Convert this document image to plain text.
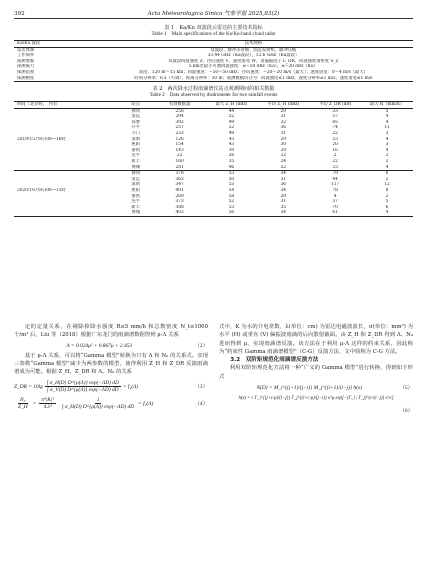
392	Acta Meteorologica Sinica 气象学报 2025,83(2)
表 1　Ka/Ku 双波段云雷达的主要技术指标
Table 1　Main specifications of the Ka/Ku-band cloud radar
Ka/Ku 波段	技术规格
雷达体制	双波段、脉冲多普勒、固态发射机、脉冲压缩
工作频率	33.44 GHz（Ka波段），13.6 GHz（Ku波段）
探测要素	双波段回波强度 Z、径向速度 V、速度谱宽 W，退偏振因子 L_DR，回波强度谱密度 S_Z
探测威力	5 km处最小可测回波强度：≤−50 dBz（Ka），≤−20 dBz（Ku）
探测范围	高度：120 m～15 km；回波强度：−50～50 dBz；径向速度：−20～20 m/s（最大）；速度谱宽：0～4 m/s（最大）
探测精度	时间分辨率：6 s（可调），距离分辨率：30 m；观测数据均分为：回波强度≤1 dBz，速度分辨率≤1 m/s，速度谱宽≤1 m/s
表 2　两次降水过程雨滴谱仪站点观测期间的相关数据
Table 2　Data observed by disdrometer for two rainfall events
时间（北京时，下同）	站点	有效数据量	最大 Z_H (dBz)	平均 Z_H (dBz)	平均 Z_DR (dB)	最大 R（mm/h）
	佛冈	256	44	29	33	5
	清远	294	52	31	57	4
	高要	392	49	32	85	4
	开平	257	52	36	74	11
	斗门	233	49	31	22	3
2019年5月8日08—16时	深圳	126	43	29	53	4
	惠阳	154	43	30	20	3
	番禺	143	39	29	16	4
	连平	22	26	22	2	2
	新丰	160	35	24	22	2
	博城	281	46	32	33	4
	佛冈	378	53	34	79	6
	清远	363	50	31	44	2
	深圳	347	53	36	117	12
2020年6月8日06—13时	惠阳	401	54	34	78	8
	番禺	269	58	29	4	2
	连平	373	52	31	37	5
	新丰	388	53	35	70	6
	博城	403	56	34	61	4

定的定量关系，在剔除掉降水强度 R≤5 mm/h 和总数密度 N_t≤1000 个/m³ 后，Liu 等（2018）根据广东龙门的雨滴谱数据得到 μ-Λ 关系

Λ = 0.024μ² + 0.867μ + 2.453	（2）

基于 μ-Λ 关系，可以将“Gamma 模型”转换为只有 Λ 和 N₀ 的关系式。实现三参数“Gamma 模型”减少为两参数的模型，使得利用 Z_H 和 Z_DR 反演雨滴谱成为可能。根据 Z_H、Z_DR 和 Λ、N₀ 的关系

Z_DR = $10\lg \frac{\int \sigma\_H(D) D\^{}\{\mu(\Lambda)\} \exp(-\Lambda D) dD}{\int \sigma\_V(D) D\^{}\{\mu(\Lambda)\} \exp(-\Lambda D) dD} = f_1(\Lambda)$	（3）
$\frac{\text{N₀}}{Z\_H} = \frac{\text{π⁴|K|²}}{\text{4.λ⁴}} \frac{1}{\int \sigma\_H(D) D\^{}\{\mu(\Lambda)\} \exp(-\Lambda D) dD} = f_2(\Lambda)$	（4）

式中，K 为水的介电常数，λ(单位：cm) 为雷达电磁波波长，σ(单位：mm²) 为水平 (H) 或垂直 (V) 偏振波雨滴的后向散射截面。由 Z_H 和 Z_DR 得到 Λ、N₀ 进而得到 μ，实现雨滴谱反演。该方法在于利用 μ-Λ 这样的约束关系，因此称为“约束性 Gamma 雨滴谱模型”（C-G）反演方法，文中简称为 C-G 方法。

3.2　双阶矩规范化雨滴谱反演方法

利用双阶矩规范化方法将一种“广义的 Gamma 模型”进行转换，得到如下形式

N(D) = M_i^{(j+1)/(j−i)} M_j^{(i+1)/(i−j)} h(x)	（5）
h(x) = c Γ_i^{(j+c·μ)/(i−j)} Γ_j^{(i+c·μ)/(j−i)} x^μ exp[−(Γ_i / Γ_j)^{c/(i−j)} x^c]
（6）
